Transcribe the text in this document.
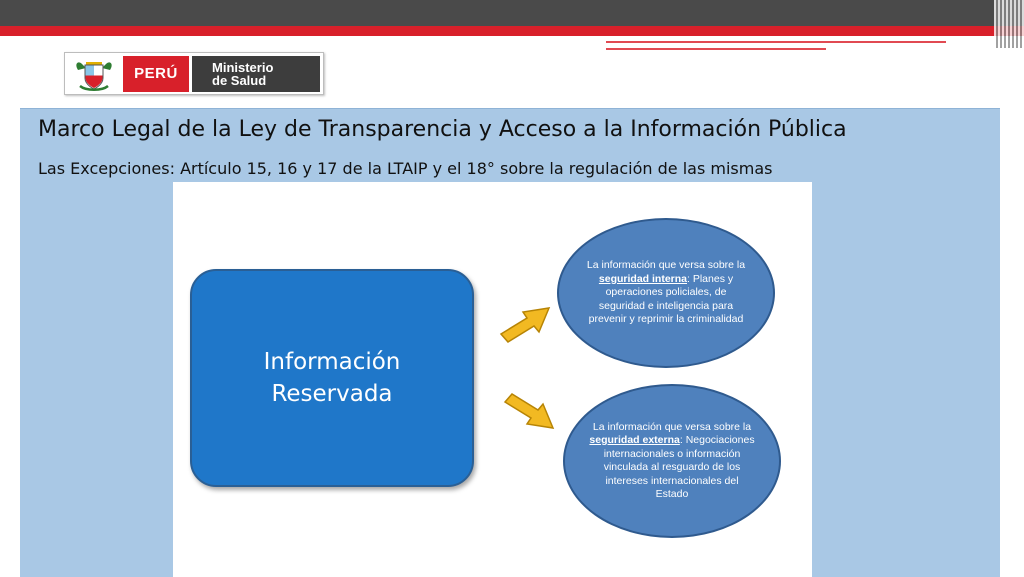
PERÚ	Ministerio
de Salud
Marco Legal de la Ley de Transparencia y Acceso a la Información Pública
Las Excepciones: Artículo 15, 16 y 17 de la LTAIP y el 18° sobre la regulación de las mismas
Información
Reservada
La información que versa sobre la seguridad interna: Planes y operaciones policiales, de seguridad e inteligencia para prevenir y reprimir la criminalidad
La información que versa sobre la seguridad externa: Negociaciones internacionales o información vinculada al resguardo de los intereses internacionales del Estado
